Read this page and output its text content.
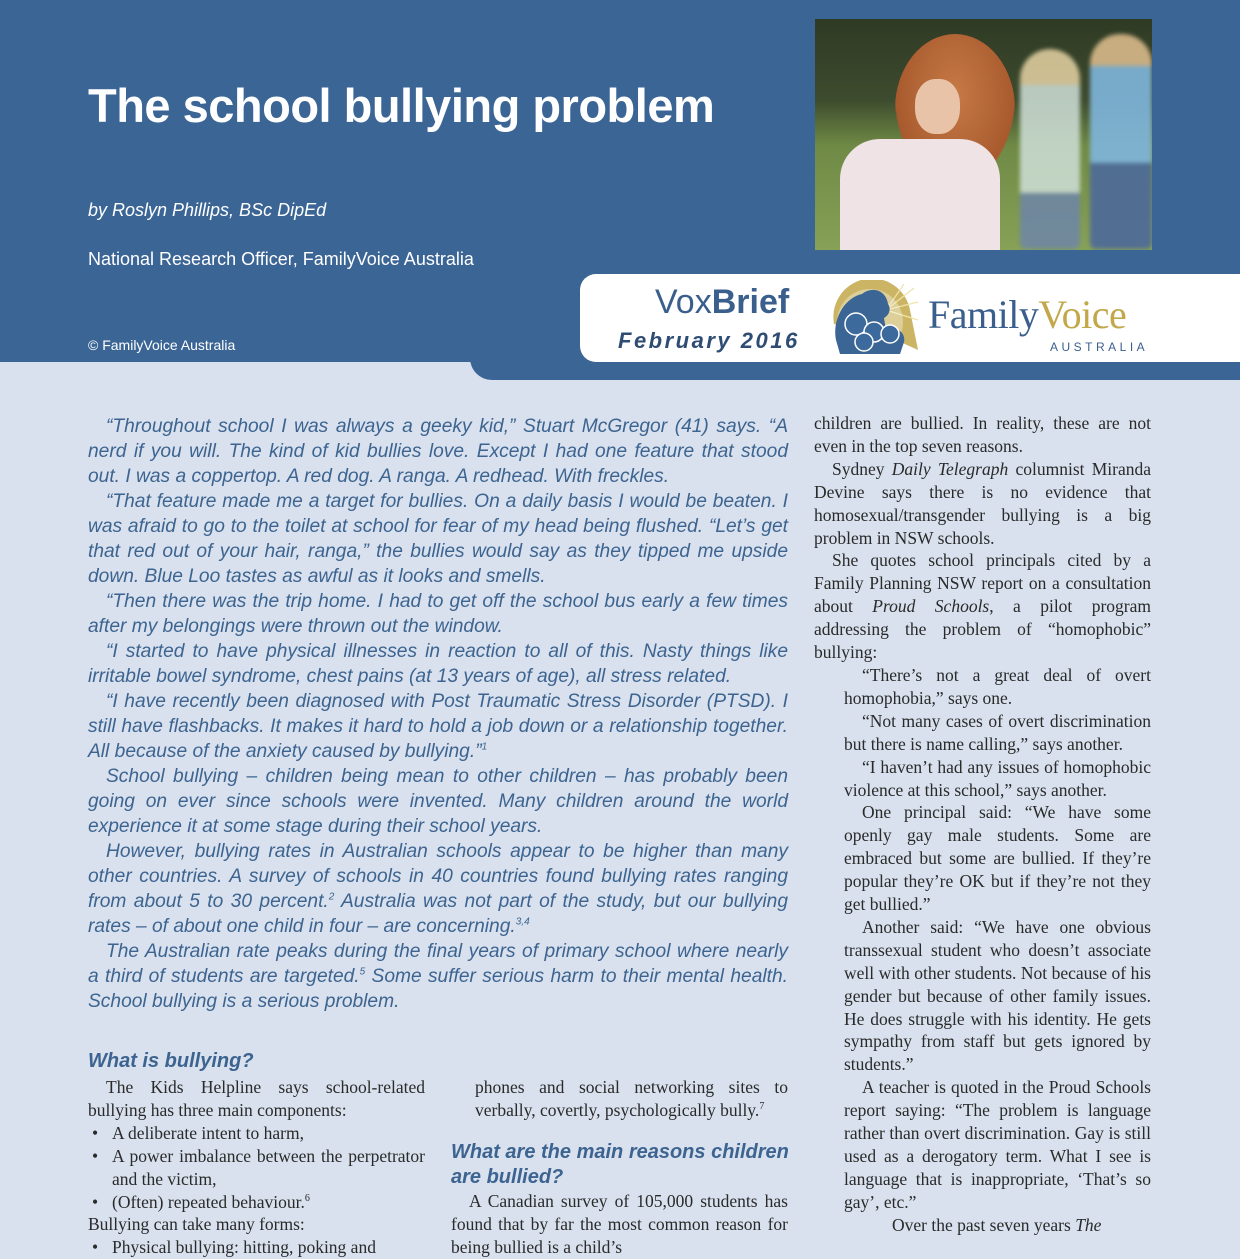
The school bullying problem
by Roslyn Phillips, BSc DipEd
National Research Officer, FamilyVoice Australia
© FamilyVoice Australia
VoxBrief
February 2016
FamilyVoice
AUSTRALIA

“Throughout school I was always a geeky kid,” Stuart McGregor (41) says. “A nerd if you will. The kind of kid bullies love. Except I had one feature that stood out. I was a coppertop. A red dog. A ranga. A redhead. With freckles.

“That feature made me a target for bullies. On a daily basis I would be beaten. I was afraid to go to the toilet at school for fear of my head being flushed. “Let’s get that red out of your hair, ranga,” the bullies would say as they tipped me upside down. Blue Loo tastes as awful as it looks and smells.

“Then there was the trip home. I had to get off the school bus early a few times after my belongings were thrown out the window.

“I started to have physical illnesses in reaction to all of this. Nasty things like irritable bowel syndrome, chest pains (at 13 years of age), all stress related.

“I have recently been diagnosed with Post Traumatic Stress Disorder (PTSD). I still have flashbacks. It makes it hard to hold a job down or a relationship together. All because of the anxiety caused by bullying.”$^1$

School bullying – children being mean to other children – has probably been going on ever since schools were invented. Many children around the world experience it at some stage during their school years.

However, bullying rates in Australian schools appear to be higher than many other countries. A survey of schools in 40 countries found bullying rates ranging from about 5 to 30 percent.$^2$ Australia was not part of the study, but our bullying rates – of about one child in four – are concerning.$^{3,4}$

The Australian rate peaks during the final years of primary school where nearly a third of students are targeted.$^5$ Some suffer serious harm to their mental health. School bullying is a serious problem.

What is bullying?

The Kids Helpline says school-related bullying has three main components:

• A deliberate intent to harm,
• A power imbalance between the perpetrator and the victim,
• (Often) repeated behaviour.$^6$

Bullying can take many forms:

• Physical bullying: hitting, poking and

phones and social networking sites to verbally, covertly, psychologically bully.$^7$

What are the main reasons children are bullied?

A Canadian survey of 105,000 students has found that by far the most common reason for being bullied is a child’s

children are bullied. In reality, these are not even in the top seven reasons.

Sydney Daily Telegraph columnist Miranda Devine says there is no evidence that homosexual/transgender bullying is a big problem in NSW schools.

She quotes school principals cited by a Family Planning NSW report on a consultation about Proud Schools, a pilot program addressing the problem of “homophobic” bullying:

“There’s not a great deal of overt homophobia,” says one.

“Not many cases of overt discrimination but there is name calling,” says another.

“I haven’t had any issues of homophobic violence at this school,” says another.

One principal said: “We have some openly gay male students. Some are embraced but some are bullied. If they’re popular they’re OK but if they’re not they get bullied.”

Another said: “We have one obvious transsexual student who doesn’t associate well with other students. Not because of his gender but because of other family issues. He does struggle with his identity. He gets sympathy from staff but gets ignored by students.”

A teacher is quoted in the Proud Schools report saying: “The problem is language rather than overt discrimination. Gay is still used as a derogatory term. What I see is language that is inappropriate, ‘That’s so gay’, etc.”

Over the past seven years The
